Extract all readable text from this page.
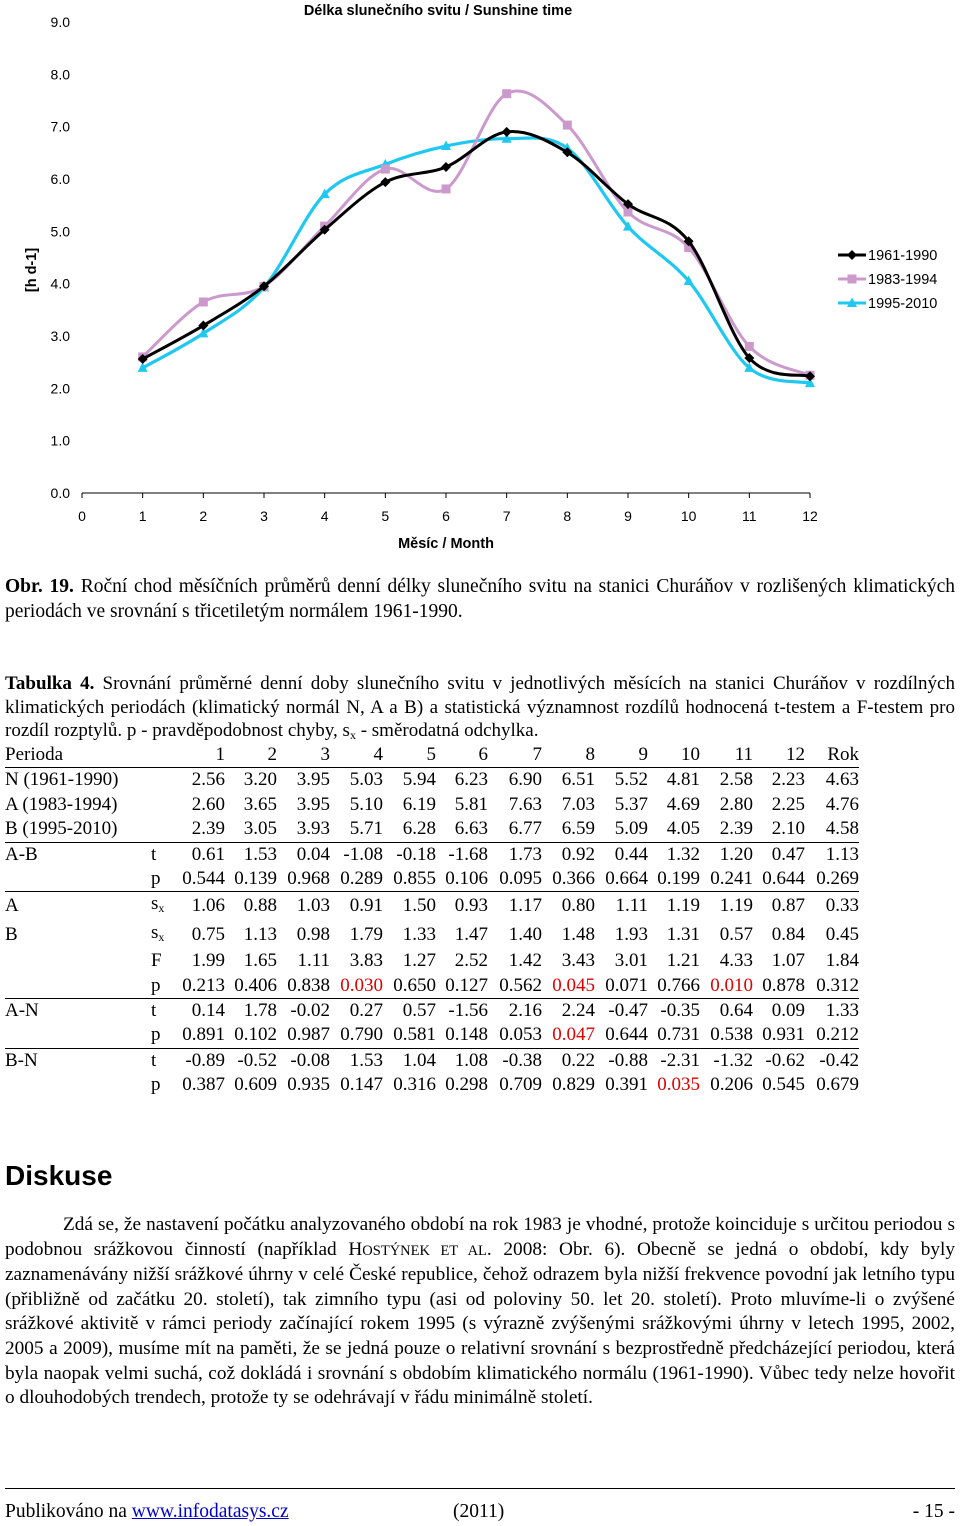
Délka slunečního svitu / Sunshine time
0.0
1.0
2.0
3.0
4.0
5.0
6.0
7.0
8.0
9.0
0	1	2	3	4	5	6	7	8	9	10	11	12
[h d-1]
Měsíc / Month
1961-1990
1983-1994
1995-2010
Obr. 19. Roční chod měsíčních průměrů denní délky slunečního svitu na stanici Churáňov v rozlišených klimatických periodách ve srovnání s třicetiletým normálem 1961-1990.
Tabulka 4. Srovnání průměrné denní doby slunečního svitu v jednotlivých měsících na stanici Churáňov v rozdílných klimatických periodách (klimatický normál N, A a B) a statistická významnost rozdílů hodnocená t-testem a F-testem pro rozdíl rozptylů. p - pravděpodobnost chyby, $s_x$ - směrodatná odchylka.
Perioda		1	2	3	4	5	6	7	8	9	10	11	12	Rok
N (1961-1990)		2.56	3.20	3.95	5.03	5.94	6.23	6.90	6.51	5.52	4.81	2.58	2.23	4.63
A (1983-1994)		2.60	3.65	3.95	5.10	6.19	5.81	7.63	7.03	5.37	4.69	2.80	2.25	4.76
B (1995-2010)		2.39	3.05	3.93	5.71	6.28	6.63	6.77	6.59	5.09	4.05	2.39	2.10	4.58
A-B	t	0.61	1.53	0.04	-1.08	-0.18	-1.68	1.73	0.92	0.44	1.32	1.20	0.47	1.13
	p	0.544	0.139	0.968	0.289	0.855	0.106	0.095	0.366	0.664	0.199	0.241	0.644	0.269
A	$s_x$	1.06	0.88	1.03	0.91	1.50	0.93	1.17	0.80	1.11	1.19	1.19	0.87	0.33
B	$s_x$	0.75	1.13	0.98	1.79	1.33	1.47	1.40	1.48	1.93	1.31	0.57	0.84	0.45
	F	1.99	1.65	1.11	3.83	1.27	2.52	1.42	3.43	3.01	1.21	4.33	1.07	1.84
	p	0.213	0.406	0.838	0.030	0.650	0.127	0.562	0.045	0.071	0.766	0.010	0.878	0.312
A-N	t	0.14	1.78	-0.02	0.27	0.57	-1.56	2.16	2.24	-0.47	-0.35	0.64	0.09	1.33
	p	0.891	0.102	0.987	0.790	0.581	0.148	0.053	0.047	0.644	0.731	0.538	0.931	0.212
B-N	t	-0.89	-0.52	-0.08	1.53	1.04	1.08	-0.38	0.22	-0.88	-2.31	-1.32	-0.62	-0.42
	p	0.387	0.609	0.935	0.147	0.316	0.298	0.709	0.829	0.391	0.035	0.206	0.545	0.679
Diskuse
Zdá se, že nastavení počátku analyzovaného období na rok 1983 je vhodné, protože koinciduje s určitou periodou s podobnou srážkovou činností (například HOSTÝNEK ET AL. 2008: Obr. 6). Obecně se jedná o období, kdy byly zaznamenávány nižší srážkové úhrny v celé České republice, čehož odrazem byla nižší frekvence povodní jak letního typu (přibližně od začátku 20. století), tak zimního typu (asi od poloviny 50. let 20. století). Proto mluvíme-li o zvýšené srážkové aktivitě v rámci periody začínající rokem 1995 (s výrazně zvýšenými srážkovými úhrny v letech 1995, 2002, 2005 a 2009), musíme mít na paměti, že se jedná pouze o relativní srovnání s bezprostředně předcházející periodou, která byla naopak velmi suchá, což dokládá i srovnání s obdobím klimatického normálu (1961-1990). Vůbec tedy nelze hovořit o dlouhodobých trendech, protože ty se odehrávají v řádu minimálně století.
Publikováno na www.infodatasys.cz	(2011)	- 15 -
